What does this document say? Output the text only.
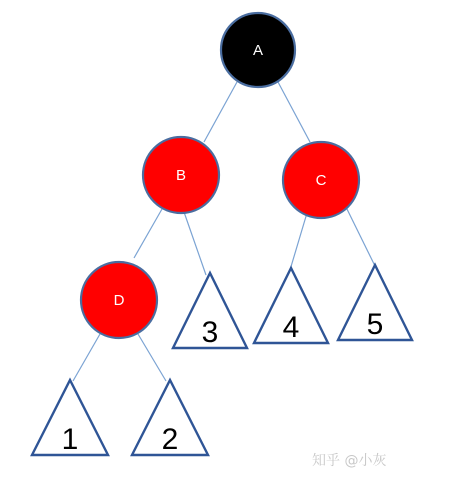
A
B	C
D
1	2
3 4 5
知乎 @小灰
